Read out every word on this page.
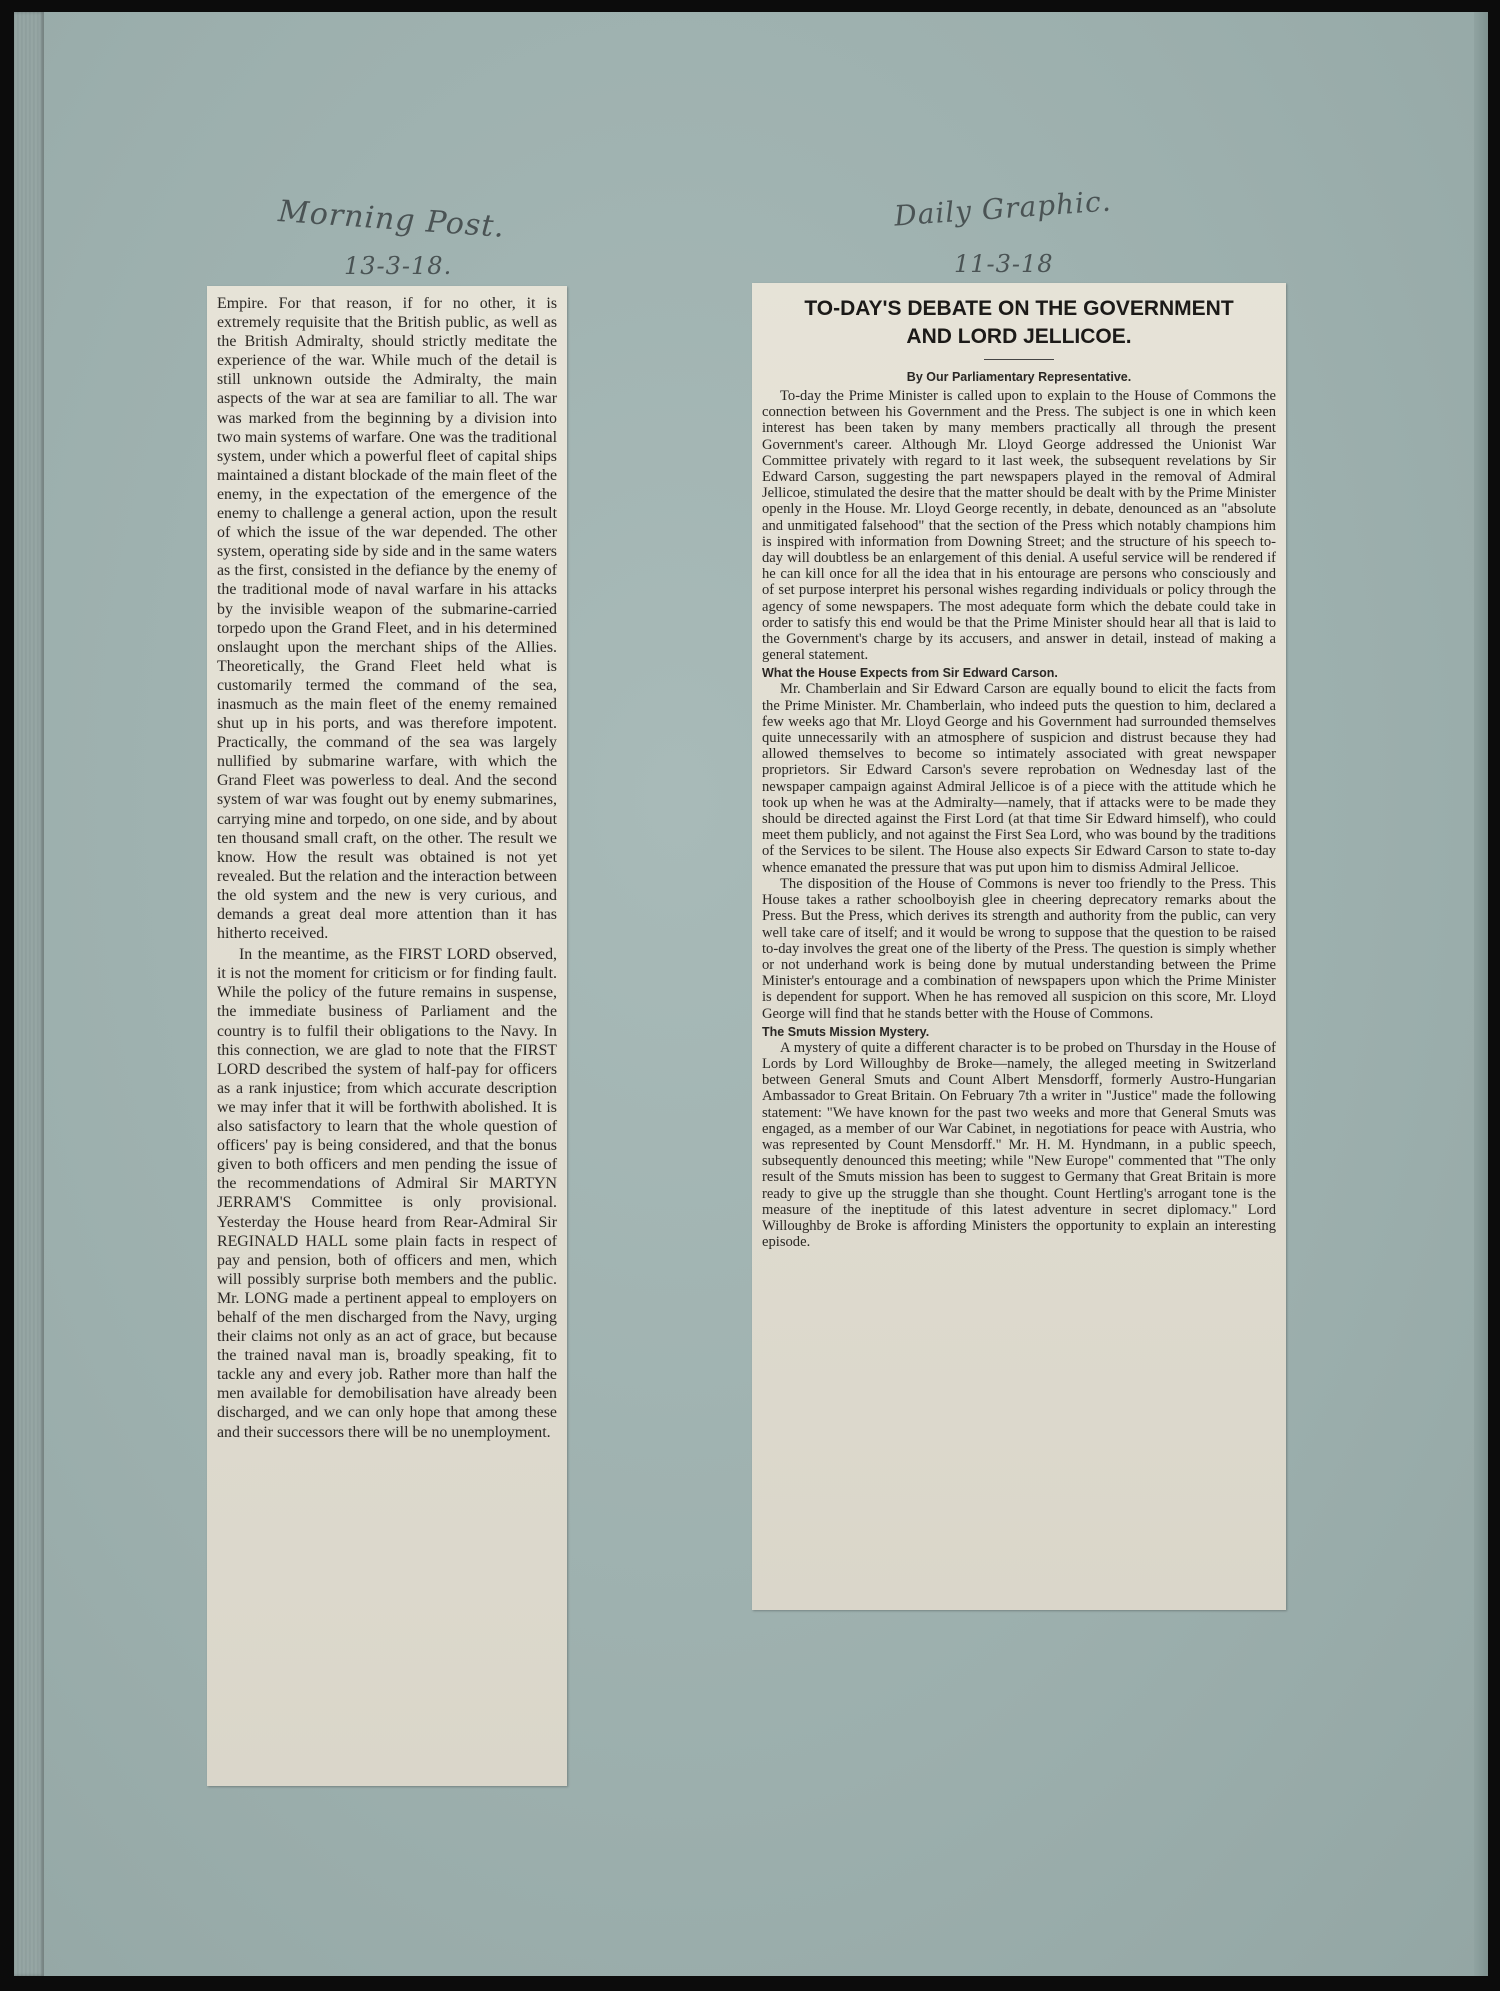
Morning Post.
13-3-18.
Daily Graphic.
11-3-18

Empire. For that reason, if for no other, it is extremely requisite that the British public, as well as the British Admiralty, should strictly meditate the experience of the war. While much of the detail is still unknown outside the Admiralty, the main aspects of the war at sea are familiar to all. The war was marked from the beginning by a division into two main systems of warfare. One was the traditional system, under which a powerful fleet of capital ships maintained a distant blockade of the main fleet of the enemy, in the expectation of the emergence of the enemy to challenge a general action, upon the result of which the issue of the war depended. The other system, operating side by side and in the same waters as the first, consisted in the defiance by the enemy of the traditional mode of naval warfare in his attacks by the invisible weapon of the submarine-carried torpedo upon the Grand Fleet, and in his determined onslaught upon the merchant ships of the Allies. Theoretically, the Grand Fleet held what is customarily termed the command of the sea, inasmuch as the main fleet of the enemy remained shut up in his ports, and was therefore impotent. Practically, the command of the sea was largely nullified by submarine warfare, with which the Grand Fleet was powerless to deal. And the second system of war was fought out by enemy submarines, carrying mine and torpedo, on one side, and by about ten thousand small craft, on the other. The result we know. How the result was obtained is not yet revealed. But the relation and the interaction between the old system and the new is very curious, and demands a great deal more attention than it has hitherto received.

In the meantime, as the FIRST LORD observed, it is not the moment for criticism or for finding fault. While the policy of the future remains in suspense, the immediate business of Parliament and the country is to fulfil their obligations to the Navy. In this connection, we are glad to note that the FIRST LORD described the system of half-pay for officers as a rank injustice; from which accurate description we may infer that it will be forthwith abolished. It is also satisfactory to learn that the whole question of officers' pay is being considered, and that the bonus given to both officers and men pending the issue of the recommendations of Admiral Sir MARTYN JERRAM'S Committee is only provisional. Yesterday the House heard from Rear-Admiral Sir REGINALD HALL some plain facts in respect of pay and pension, both of officers and men, which will possibly surprise both members and the public. Mr. LONG made a pertinent appeal to employers on behalf of the men discharged from the Navy, urging their claims not only as an act of grace, but because the trained naval man is, broadly speaking, fit to tackle any and every job. Rather more than half the men available for demobilisation have already been discharged, and we can only hope that among these and their successors there will be no unemployment.

TO-DAY'S DEBATE ON THE GOVERNMENT
AND LORD JELLICOE.
By Our Parliamentary Representative.

To-day the Prime Minister is called upon to explain to the House of Commons the connection between his Government and the Press. The subject is one in which keen interest has been taken by many members practically all through the present Government's career. Although Mr. Lloyd George addressed the Unionist War Committee privately with regard to it last week, the subsequent revelations by Sir Edward Carson, suggesting the part newspapers played in the removal of Admiral Jellicoe, stimulated the desire that the matter should be dealt with by the Prime Minister openly in the House. Mr. Lloyd George recently, in debate, denounced as an "absolute and unmitigated falsehood" that the section of the Press which notably champions him is inspired with information from Downing Street; and the structure of his speech to-day will doubtless be an enlargement of this denial. A useful service will be rendered if he can kill once for all the idea that in his entourage are persons who consciously and of set purpose interpret his personal wishes regarding individuals or policy through the agency of some newspapers. The most adequate form which the debate could take in order to satisfy this end would be that the Prime Minister should hear all that is laid to the Government's charge by its accusers, and answer in detail, instead of making a general statement.

What the House Expects from Sir Edward Carson.

Mr. Chamberlain and Sir Edward Carson are equally bound to elicit the facts from the Prime Minister. Mr. Chamberlain, who indeed puts the question to him, declared a few weeks ago that Mr. Lloyd George and his Government had surrounded themselves quite unnecessarily with an atmosphere of suspicion and distrust because they had allowed themselves to become so intimately associated with great newspaper proprietors. Sir Edward Carson's severe reprobation on Wednesday last of the newspaper campaign against Admiral Jellicoe is of a piece with the attitude which he took up when he was at the Admiralty—namely, that if attacks were to be made they should be directed against the First Lord (at that time Sir Edward himself), who could meet them publicly, and not against the First Sea Lord, who was bound by the traditions of the Services to be silent. The House also expects Sir Edward Carson to state to-day whence emanated the pressure that was put upon him to dismiss Admiral Jellicoe.

The disposition of the House of Commons is never too friendly to the Press. This House takes a rather schoolboyish glee in cheering deprecatory remarks about the Press. But the Press, which derives its strength and authority from the public, can very well take care of itself; and it would be wrong to suppose that the question to be raised to-day involves the great one of the liberty of the Press. The question is simply whether or not underhand work is being done by mutual understanding between the Prime Minister's entourage and a combination of newspapers upon which the Prime Minister is dependent for support. When he has removed all suspicion on this score, Mr. Lloyd George will find that he stands better with the House of Commons.

The Smuts Mission Mystery.

A mystery of quite a different character is to be probed on Thursday in the House of Lords by Lord Willoughby de Broke—namely, the alleged meeting in Switzerland between General Smuts and Count Albert Mensdorff, formerly Austro-Hungarian Ambassador to Great Britain. On February 7th a writer in "Justice" made the following statement: "We have known for the past two weeks and more that General Smuts was engaged, as a member of our War Cabinet, in negotiations for peace with Austria, who was represented by Count Mensdorff." Mr. H. M. Hyndmann, in a public speech, subsequently denounced this meeting; while "New Europe" commented that "The only result of the Smuts mission has been to suggest to Germany that Great Britain is more ready to give up the struggle than she thought. Count Hertling's arrogant tone is the measure of the ineptitude of this latest adventure in secret diplomacy." Lord Willoughby de Broke is affording Ministers the opportunity to explain an interesting episode.
